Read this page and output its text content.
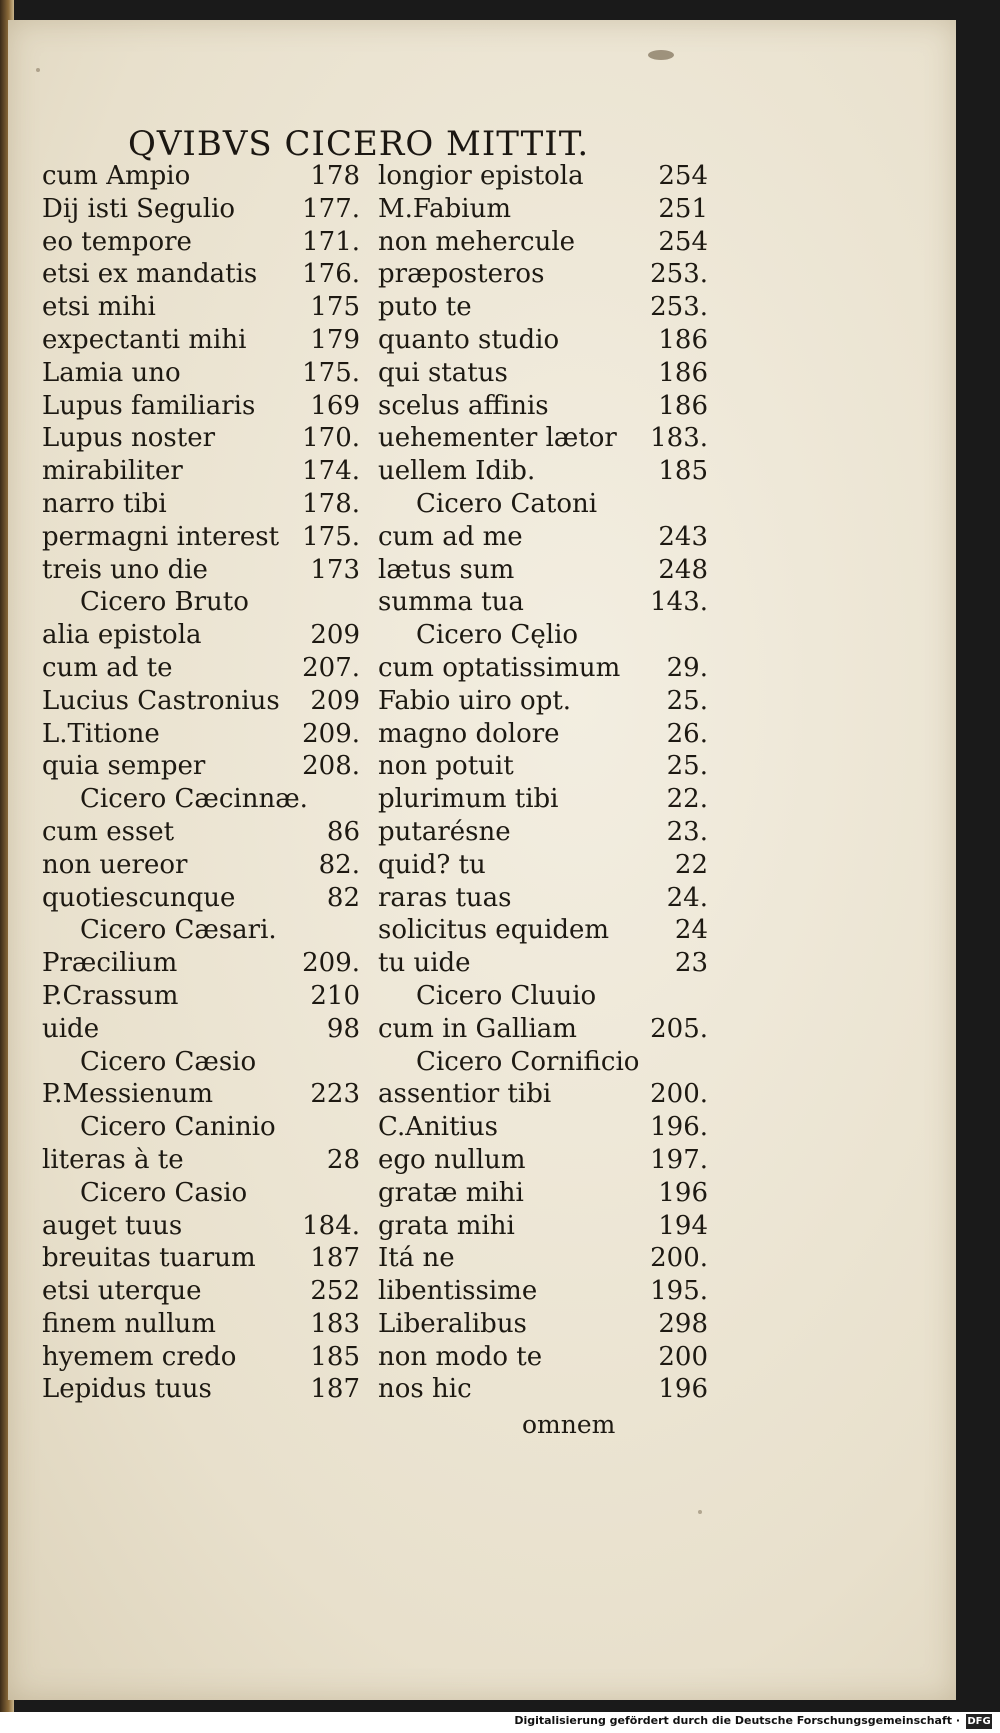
QVIBVS CICERO MITTIT.
cum Ampio	178
Dij isti Segulio	177.
eo tempore	171.
etsi ex mandatis 176.
etsi mihi	175
expectanti mihi 179
Lamia uno	175.
Lupus familiaris 169
Lupus noster	170.
mirabiliter	174.
narro tibi	178.
permagni interest 175.
treis uno die	173
Cicero Bruto
alia epistola	209
cum ad te	207.
Lucius Castronius 209
L.Titione	209.
quia semper	208.
Cicero Cæcinnæ.
cum esset	86
non uereor	82.
quotiescunque	82
Cicero Cæsari.
Præcilium	209.
P.Crassum	210
uide	98
Cicero Cæsio
P.Messienum	223
Cicero Caninio
literas à te	28
Cicero Casio
auget tuus	184.
breuitas tuarum 187
etsi uterque	252
finem nullum	183
hyemem credo	185
Lepidus tuus	187
longior epistola	254
M.Fabium	251
non mehercule	254
præposteros	253.
puto te	253.
quanto studio	186
qui status	186
scelus affinis	186
uehementer lætor 183.
uellem Idib.	185
Cicero Catoni
cum ad me	243
lætus sum	248
summa tua	143.
Cicero Cęlio
cum optatissimum 29.
Fabio uiro opt.	25.
magno dolore	26.
non potuit	25.
plurimum tibi	22.
putarésne	23.
quid? tu	22
raras tuas	24.
solicitus equidem	24
tu uide	23
Cicero Cluuio
cum in Galliam	205.
Cicero Cornificio
assentior tibi	200.
C.Anitius	196.
ego nullum	197.
gratæ mihi	196
grata mihi	194
Itá ne	200.
libentissime	195.
Liberalibus	298
non modo te	200
nos hic	196
omnem
Digitalisierung gefördert durch die Deutsche Forschungsgemeinschaft · DFG
